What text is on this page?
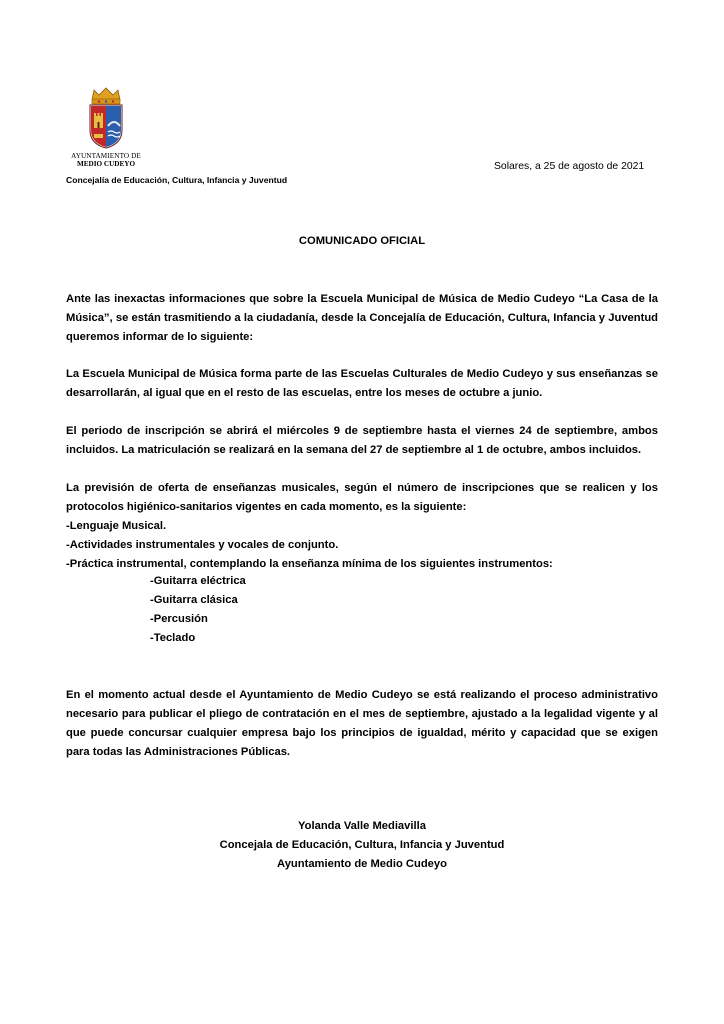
AYUNTAMIENTO DE
MEDIO CUDEYO
Concejalía de Educación, Cultura, Infancia y Juventud
Solares, a 25 de agosto de 2021
COMUNICADO OFICIAL
Ante las inexactas informaciones que sobre la Escuela Municipal de Música de Medio Cudeyo “La Casa de la Música”, se están trasmitiendo a la ciudadanía, desde la Concejalía de Educación, Cultura, Infancia y Juventud queremos informar de lo siguiente:
La Escuela Municipal de Música forma parte de las Escuelas Culturales de Medio Cudeyo y sus enseñanzas se desarrollarán, al igual que en el resto de las escuelas, entre los meses de octubre a junio.
El periodo de inscripción se abrirá el miércoles 9 de septiembre hasta el viernes 24 de septiembre, ambos incluidos. La matriculación se realizará en la semana del 27 de septiembre al 1 de octubre, ambos incluidos.
La previsión de oferta de enseñanzas musicales, según el número de inscripciones que se realicen y los protocolos higiénico-sanitarios vigentes en cada momento, es la siguiente:
-Lenguaje Musical.
-Actividades instrumentales y vocales de conjunto.
-Práctica instrumental, contemplando la enseñanza mínima de los siguientes instrumentos:
-Guitarra eléctrica
-Guitarra clásica
-Percusión
-Teclado
En el momento actual desde el Ayuntamiento de Medio Cudeyo se está realizando el proceso administrativo necesario para publicar el pliego de contratación en el mes de septiembre, ajustado a la legalidad vigente y al que puede concursar cualquier empresa bajo los principios de igualdad, mérito y capacidad que se exigen para todas las Administraciones Públicas.
Yolanda Valle Mediavilla
Concejala de Educación, Cultura, Infancia y Juventud
Ayuntamiento de Medio Cudeyo
